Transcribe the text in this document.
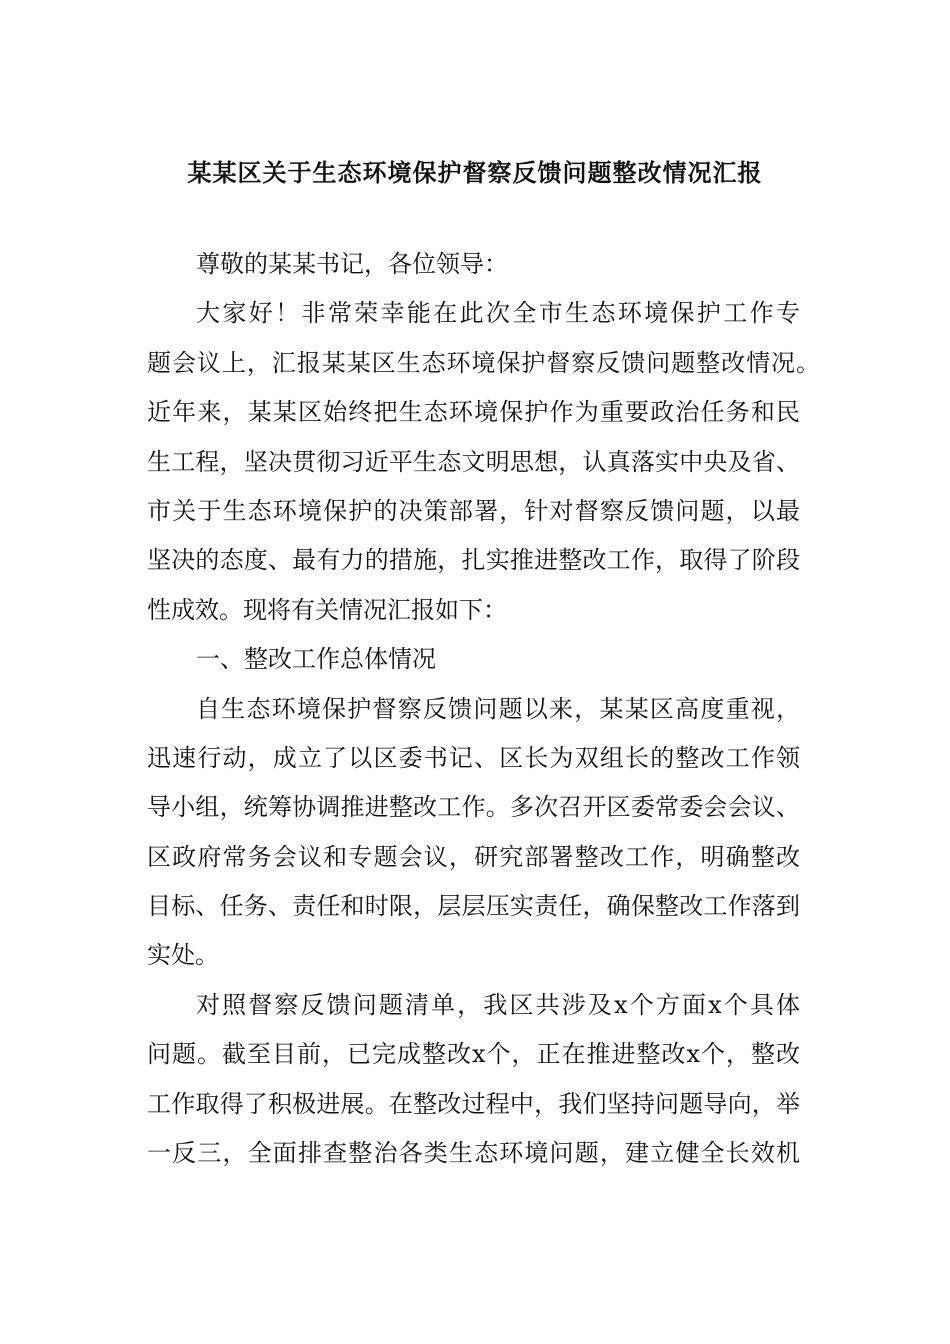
某某区关于生态环境保护督察反馈问题整改情况汇报
尊敬的某某书记，各位领导：
大家好！非常荣幸能在此次全市生态环境保护工作专
题会议上，汇报某某区生态环境保护督察反馈问题整改情况。
近年来，某某区始终把生态环境保护作为重要政治任务和民
生工程，坚决贯彻习近平生态文明思想，认真落实中央及省、
市关于生态环境保护的决策部署，针对督察反馈问题，以最
坚决的态度、最有力的措施，扎实推进整改工作，取得了阶段
性成效。现将有关情况汇报如下：
一、整改工作总体情况
自生态环境保护督察反馈问题以来，某某区高度重视，
迅速行动，成立了以区委书记、区长为双组长的整改工作领
导小组，统筹协调推进整改工作。多次召开区委常委会会议、
区政府常务会议和专题会议，研究部署整改工作，明确整改
目标、任务、责任和时限，层层压实责任，确保整改工作落到
实处。
对照督察反馈问题清单，我区共涉及x个方面x个具体
问题。截至目前，已完成整改x个，正在推进整改x个，整改
工作取得了积极进展。在整改过程中，我们坚持问题导向，举
一反三，全面排查整治各类生态环境问题，建立健全长效机
